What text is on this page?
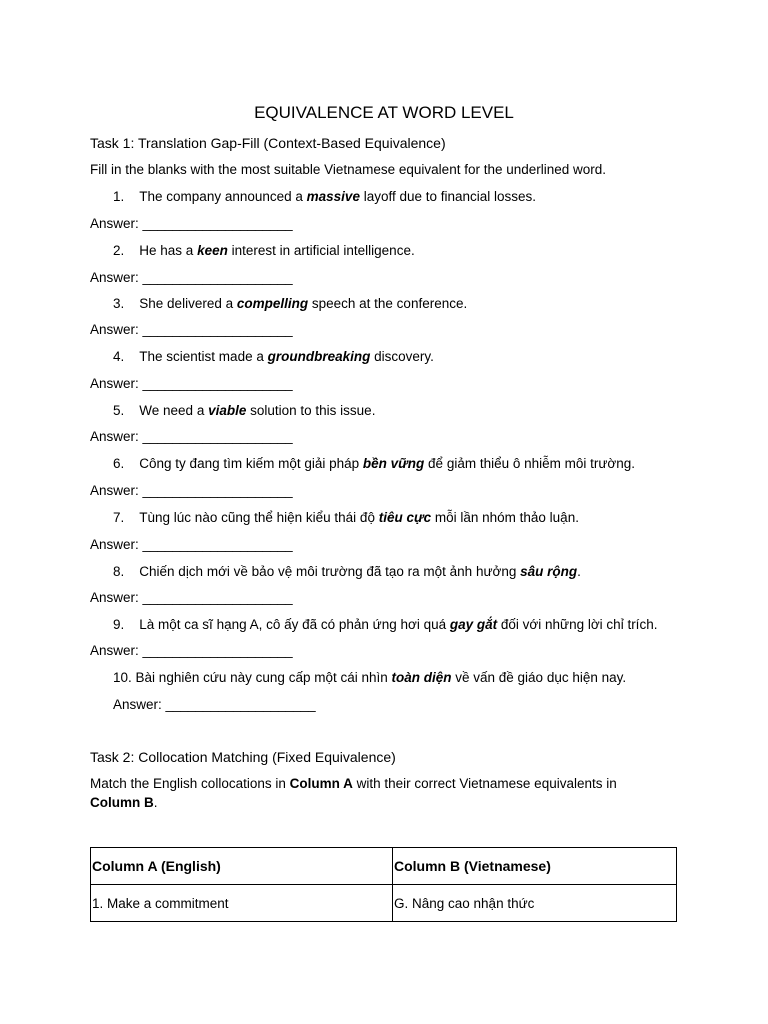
EQUIVALENCE AT WORD LEVEL
Task 1: Translation Gap-Fill (Context-Based Equivalence)
Fill in the blanks with the most suitable Vietnamese equivalent for the underlined word.
1. The company announced a massive layoff due to financial losses.
Answer: ____________________
2. He has a keen interest in artificial intelligence.
Answer: ____________________
3. She delivered a compelling speech at the conference.
Answer: ____________________
4. The scientist made a groundbreaking discovery.
Answer: ____________________
5. We need a viable solution to this issue.
Answer: ____________________
6. Công ty đang tìm kiếm một giải pháp bền vững để giảm thiểu ô nhiễm môi trường.
Answer: ____________________
7. Tùng lúc nào cũng thể hiện kiểu thái độ tiêu cực mỗi lần nhóm thảo luận.
Answer: ____________________
8. Chiến dịch mới về bảo vệ môi trường đã tạo ra một ảnh hưởng sâu rộng.
Answer: ____________________
9. Là một ca sĩ hạng A, cô ấy đã có phản ứng hơi quá gay gắt đối với những lời chỉ trích.
Answer: ____________________
10. Bài nghiên cứu này cung cấp một cái nhìn toàn diện về vấn đề giáo dục hiện nay.
Answer: ____________________
Task 2: Collocation Matching (Fixed Equivalence)
Match the English collocations in Column A with their correct Vietnamese equivalents in
Column B.
Column A (English)	Column B (Vietnamese)
1. Make a commitment	G. Nâng cao nhận thức
